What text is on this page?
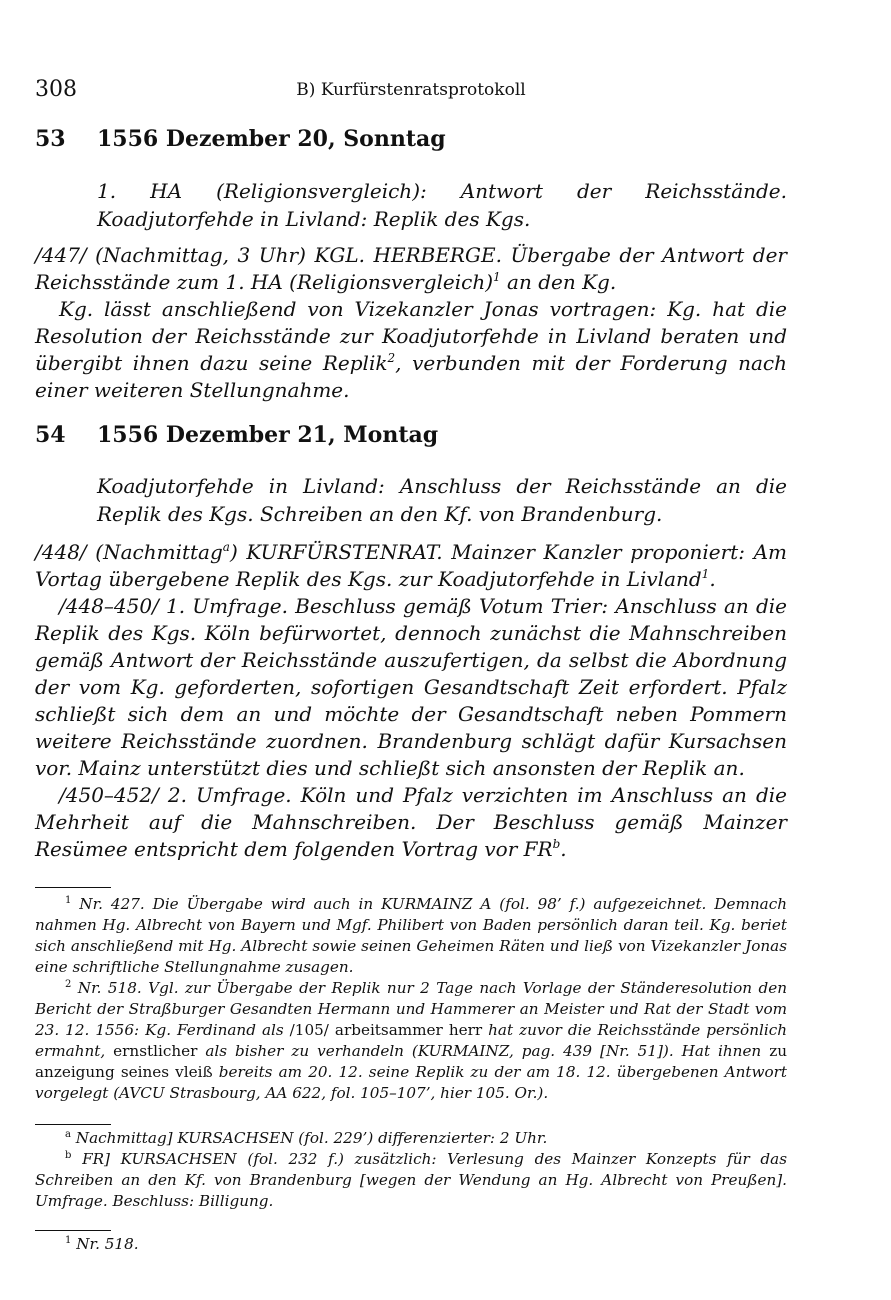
308	B) Kurfürstenratsprotokoll
53 1556 Dezember 20, Sonntag
1. HA (Religionsvergleich): Antwort der Reichsstände. Koadjutorfehde in Livland: Replik des Kgs.

/447/ (Nachmittag, 3 Uhr) KGL. HERBERGE. Übergabe der Antwort der Reichsstände zum 1. HA (Religionsvergleich)$^1$ an den Kg.

Kg. lässt anschließend von Vizekanzler Jonas vortragen: Kg. hat die Resolution der Reichsstände zur Koadjutorfehde in Livland beraten und übergibt ihnen dazu seine Replik$^2$, verbunden mit der Forderung nach einer weiteren Stellungnahme.

54 1556 Dezember 21, Montag
Koadjutorfehde in Livland: Anschluss der Reichsstände an die Replik des Kgs. Schreiben an den Kf. von Brandenburg.

/448/ (Nachmittag$^a$) KURFÜRSTENRAT. Mainzer Kanzler proponiert: Am Vortag übergebene Replik des Kgs. zur Koadjutorfehde in Livland$^1$.

/448–450/ 1. Umfrage. Beschluss gemäß Votum Trier: Anschluss an die Replik des Kgs. Köln befürwortet, dennoch zunächst die Mahnschreiben gemäß Antwort der Reichsstände auszufertigen, da selbst die Abordnung der vom Kg. geforderten, sofortigen Gesandtschaft Zeit erfordert. Pfalz schließt sich dem an und möchte der Gesandtschaft neben Pommern weitere Reichsstände zuordnen. Brandenburg schlägt dafür Kursachsen vor. Mainz unterstützt dies und schließt sich ansonsten der Replik an.

/450–452/ 2. Umfrage. Köln und Pfalz verzichten im Anschluss an die Mehrheit auf die Mahnschreiben. Der Beschluss gemäß Mainzer Resümee entspricht dem folgenden Vortrag vor $FR^b$.

$^1$ Nr. 427. Die Übergabe wird auch in KURMAINZ A (fol. 98’ f.) aufgezeichnet. Demnach nahmen Hg. Albrecht von Bayern und Mgf. Philibert von Baden persönlich daran teil. Kg. beriet sich anschließend mit Hg. Albrecht sowie seinen Geheimen Räten und ließ von Vizekanzler Jonas eine schriftliche Stellungnahme zusagen.

$^2$ Nr. 518. Vgl. zur Übergabe der Replik nur 2 Tage nach Vorlage der Ständeresolution den Bericht der Straßburger Gesandten Hermann und Hammerer an Meister und Rat der Stadt vom 23. 12. 1556: Kg. Ferdinand als /105/ arbeitsammer herr hat zuvor die Reichsstände persönlich ermahnt, ernstlicher als bisher zu verhandeln (KURMAINZ, pag. 439 [Nr. 51]). Hat ihnen zu anzeigung seines vleiß bereits am 20. 12. seine Replik zu der am 18. 12. übergebenen Antwort vorgelegt (AVCU Strasbourg, AA 622, fol. 105–107’, hier 105. Or.).

$^a$ Nachmittag] KURSACHSEN (fol. 229’) differenzierter: 2 Uhr.

$^b$ FR] KURSACHSEN (fol. 232 f.) zusätzlich: Verlesung des Mainzer Konzepts für das Schreiben an den Kf. von Brandenburg [wegen der Wendung an Hg. Albrecht von Preußen]. Umfrage. Beschluss: Billigung.

$^1$ Nr. 518.
